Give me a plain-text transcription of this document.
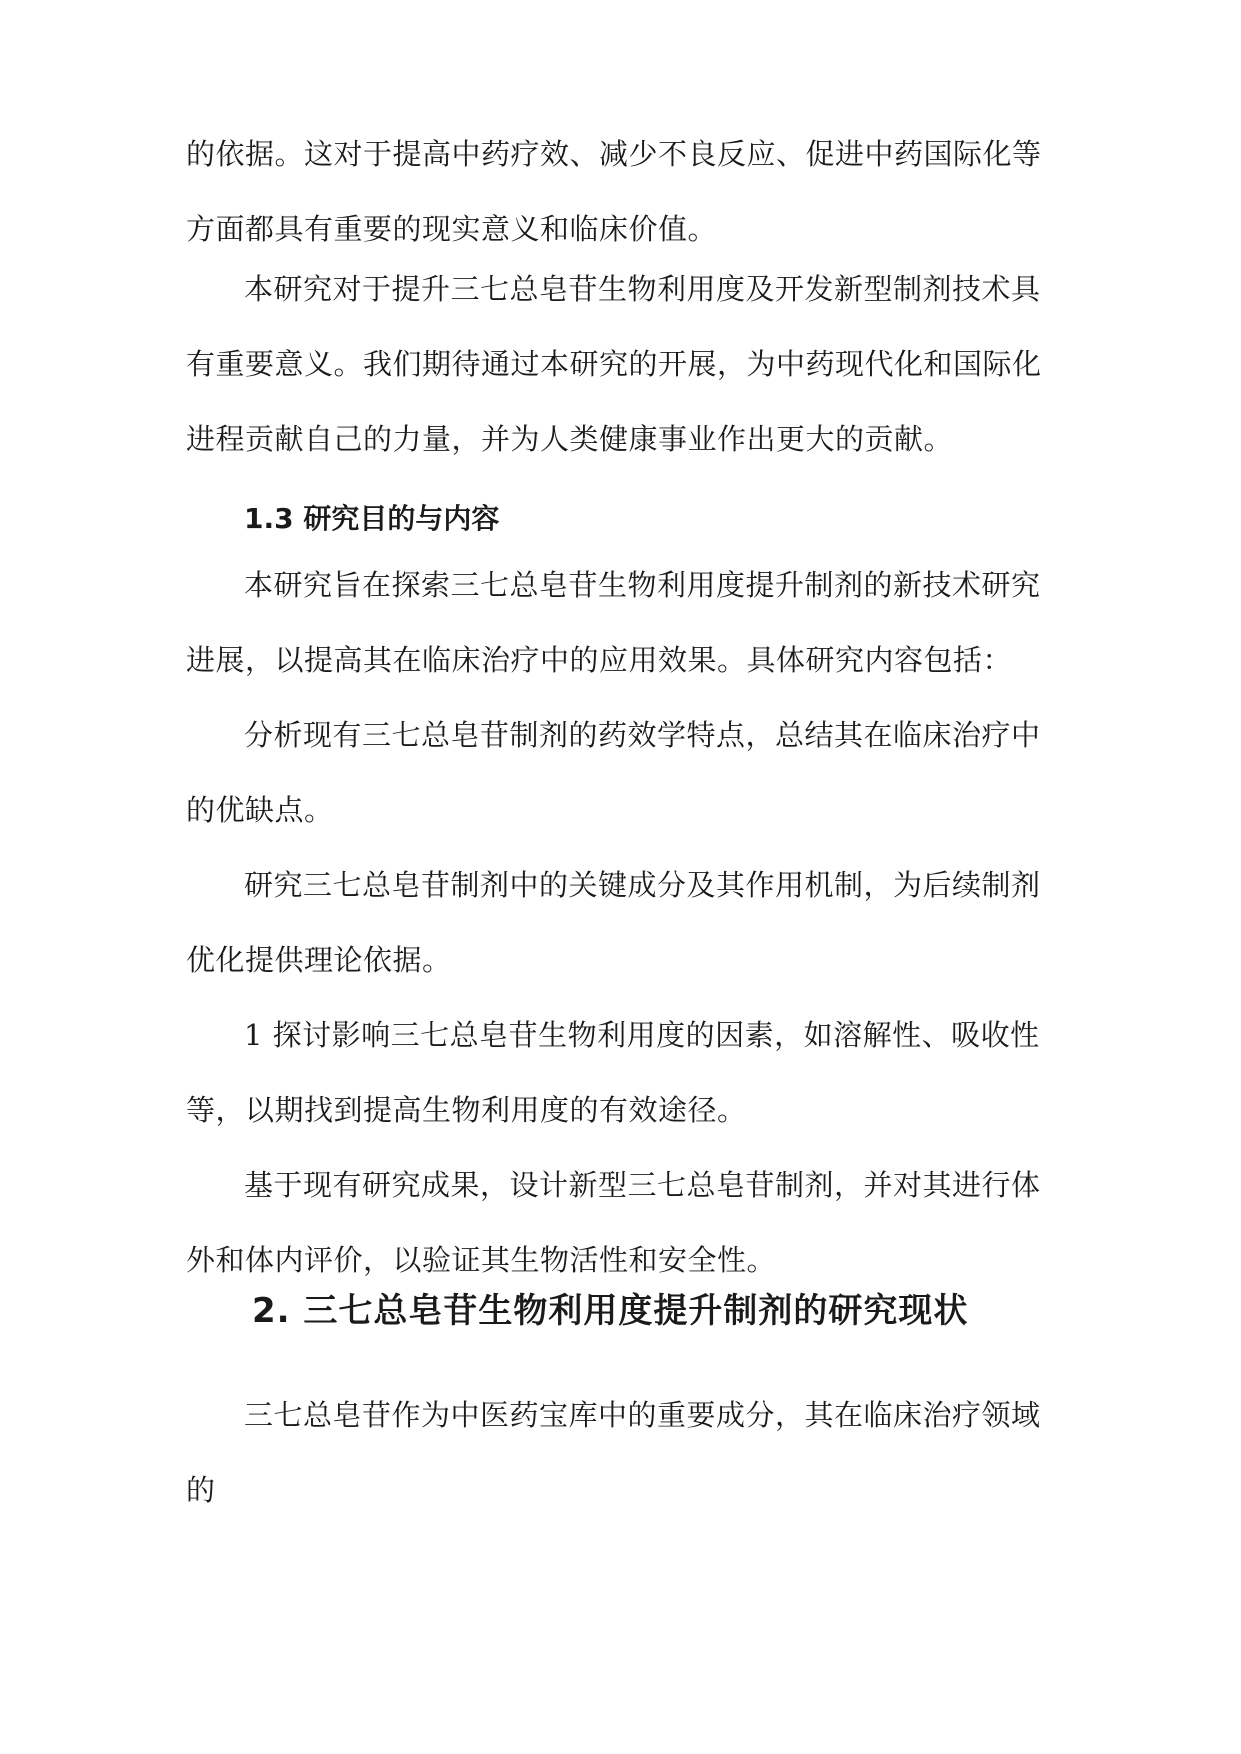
的依据。这对于提高中药疗效、减少不良反应、促进中药国际化等方面都具有重要的现实意义和临床价值。

本研究对于提升三七总皂苷生物利用度及开发新型制剂技术具有重要意义。我们期待通过本研究的开展，为中药现代化和国际化进程贡献自己的力量，并为人类健康事业作出更大的贡献。

1.3 研究目的与内容

本研究旨在探索三七总皂苷生物利用度提升制剂的新技术研究进展，以提高其在临床治疗中的应用效果。具体研究内容包括：

分析现有三七总皂苷制剂的药效学特点，总结其在临床治疗中的优缺点。

研究三七总皂苷制剂中的关键成分及其作用机制，为后续制剂优化提供理论依据。

1 探讨影响三七总皂苷生物利用度的因素，如溶解性、吸收性等，以期找到提高生物利用度的有效途径。

基于现有研究成果，设计新型三七总皂苷制剂，并对其进行体外和体内评价，以验证其生物活性和安全性。

2. 三七总皂苷生物利用度提升制剂的研究现状

三七总皂苷作为中医药宝库中的重要成分，其在临床治疗领域的
